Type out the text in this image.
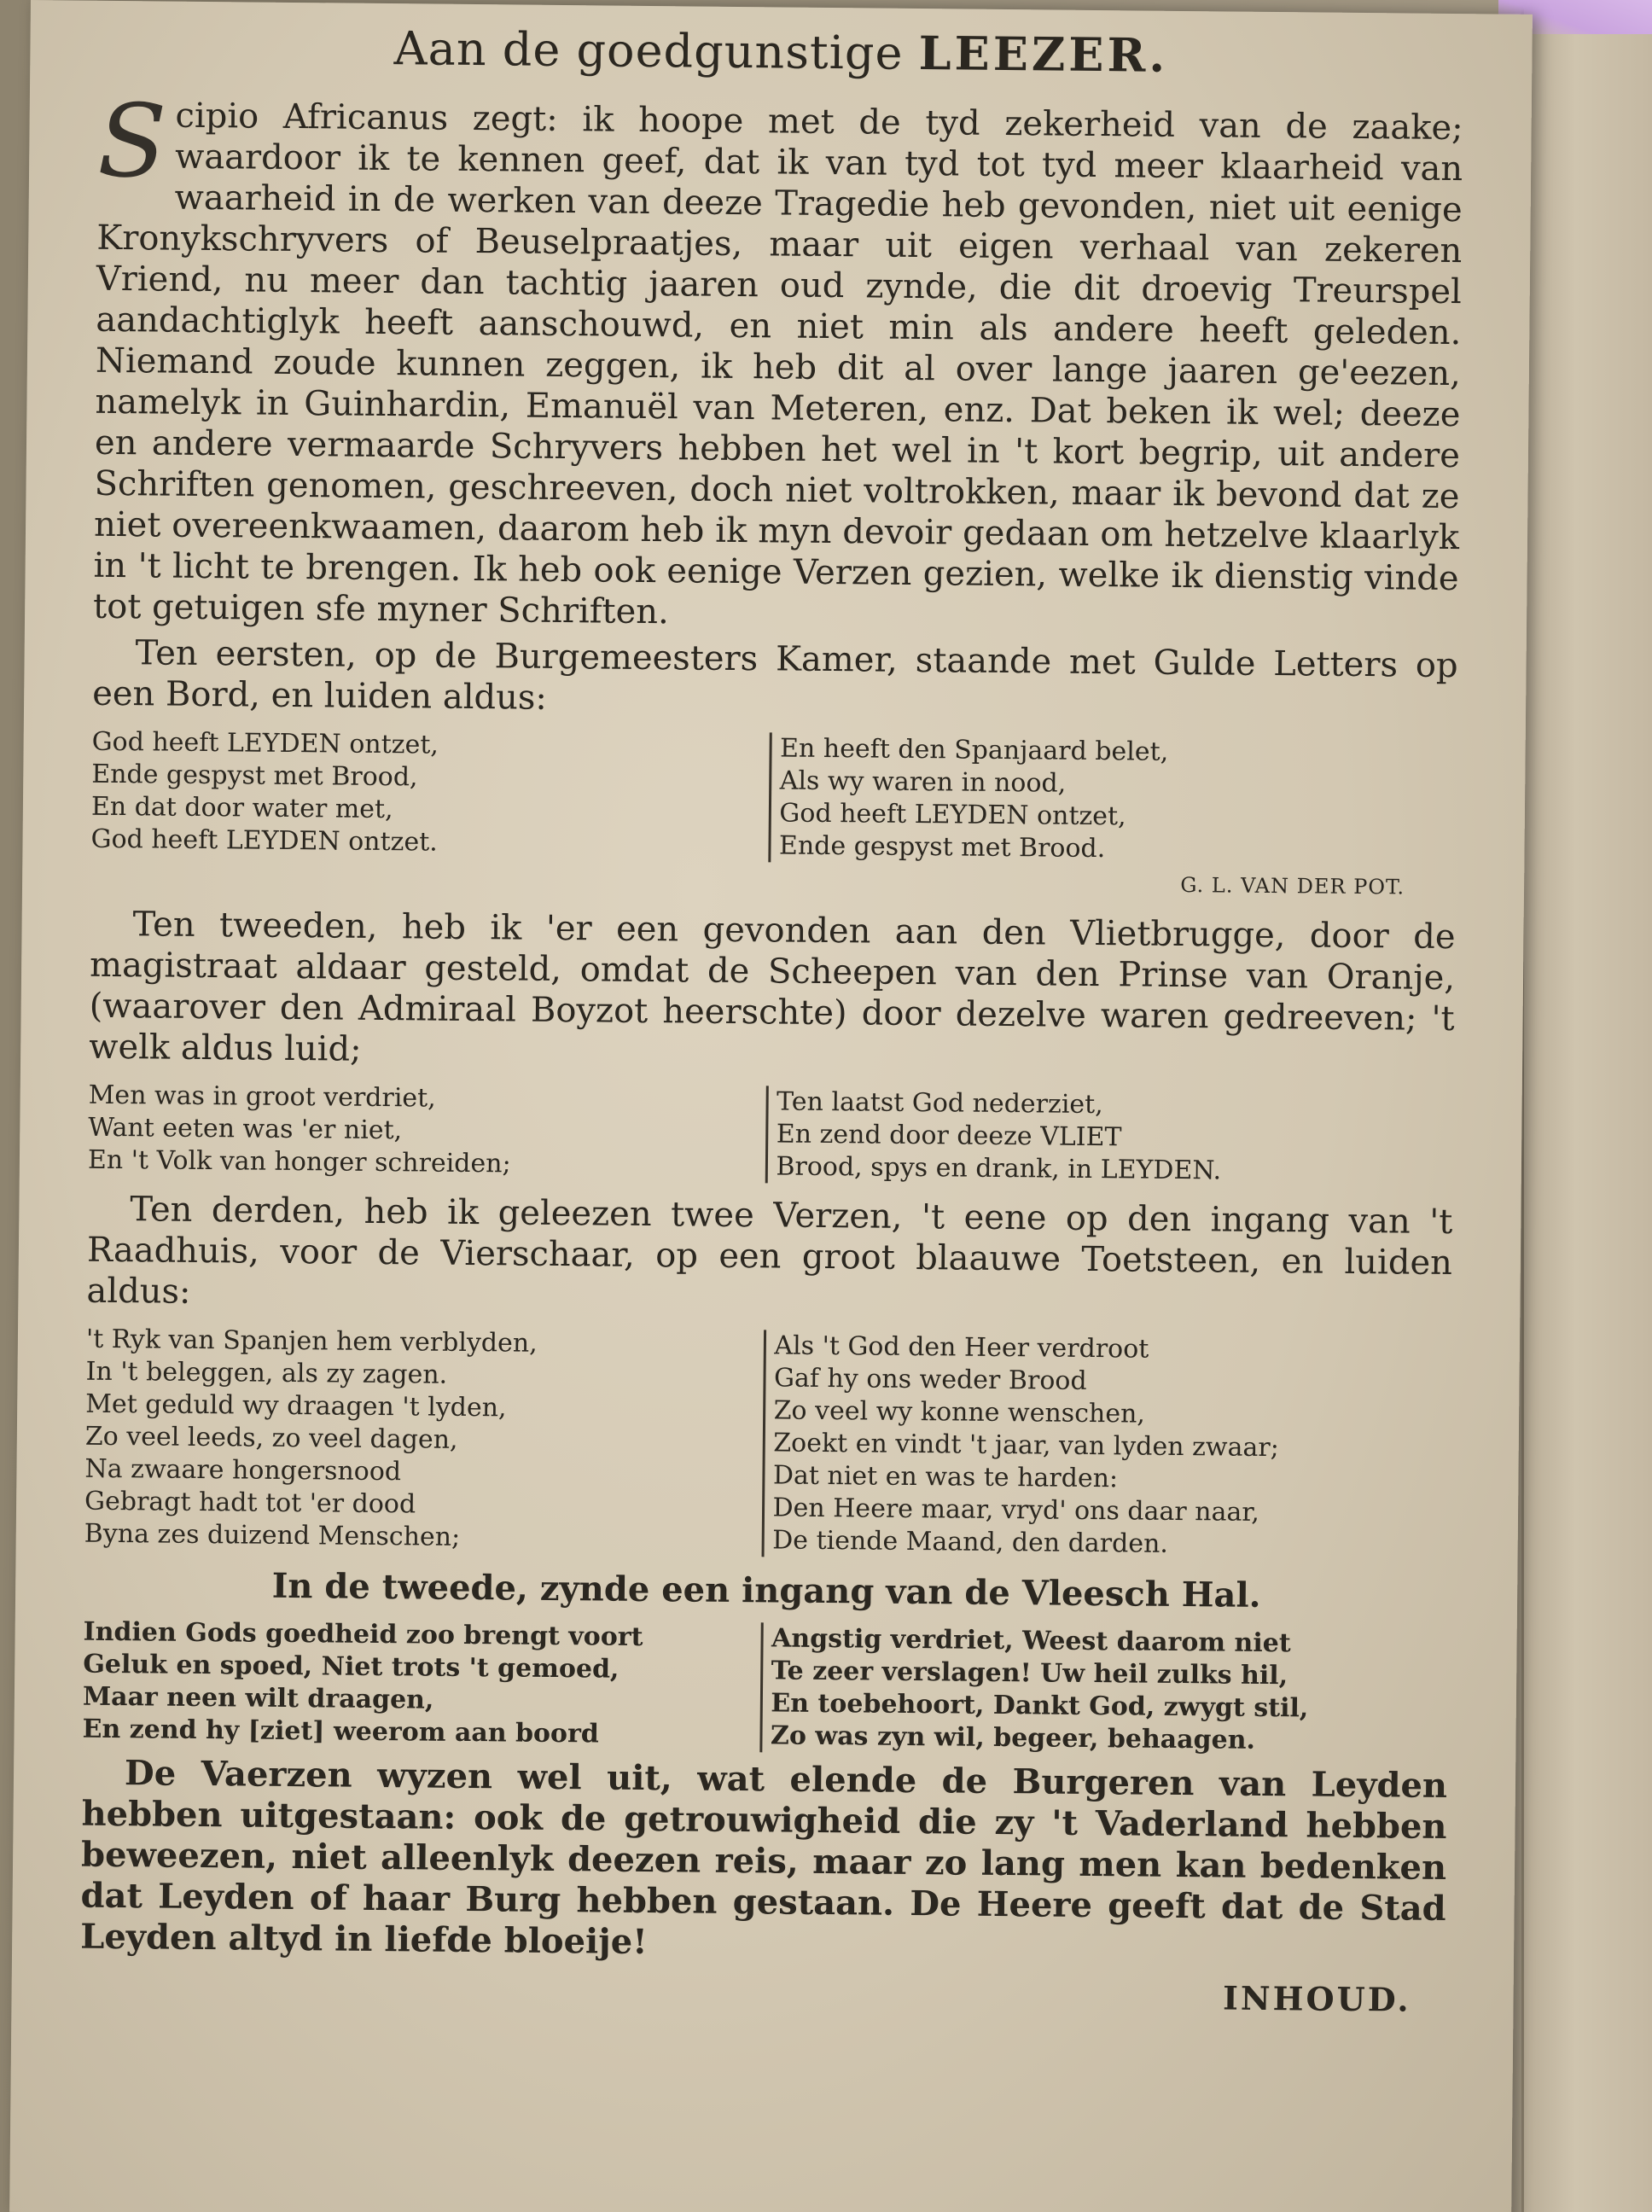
Aan de goedgunstige LEEZER.

Scipio Africanus zegt: ik hoope met de tyd zekerheid van de zaake; waardoor ik te kennen geef, dat ik van tyd tot tyd meer klaarheid van waarheid in de werken van deeze Tragedie heb gevonden, niet uit eenige Kronykschryvers of Beuselpraatjes, maar uit eigen verhaal van zekeren Vriend, nu meer dan tachtig jaaren oud zynde, die dit droevig Treurspel aandachtiglyk heeft aanschouwd, en niet min als andere heeft geleden. Niemand zoude kunnen zeggen, ik heb dit al over lange jaaren ge'eezen, namelyk in Guinhardin, Emanuël van Meteren, enz. Dat beken ik wel; deeze en andere vermaarde Schryvers hebben het wel in 't kort begrip, uit andere Schriften genomen, geschreeven, doch niet voltrokken, maar ik bevond dat ze niet overeenkwaamen, daarom heb ik myn devoir gedaan om hetzelve klaarlyk in 't licht te brengen. Ik heb ook eenige Verzen gezien, welke ik dienstig vinde tot getuigen sfe myner Schriften.

Ten eersten, op de Burgemeesters Kamer, staande met Gulde Letters op een Bord, en luiden aldus:

God heeft LEYDEN ontzet,
Ende gespyst met Brood,
En dat door water met,
God heeft LEYDEN ontzet.
En heeft den Spanjaard belet,
Als wy waren in nood,
God heeft LEYDEN ontzet,
Ende gespyst met Brood.
G. L. VAN DER POT.

Ten tweeden, heb ik 'er een gevonden aan den Vlietbrugge, door de magistraat aldaar gesteld, omdat de Scheepen van den Prinse van Oranje, (waarover den Admiraal Boyzot heerschte) door dezelve waren gedreeven; 't welk aldus luid;

Men was in groot verdriet,
Want eeten was 'er niet,
En 't Volk van honger schreiden;
Ten laatst God nederziet,
En zend door deeze VLIET
Brood, spys en drank, in LEYDEN.

Ten derden, heb ik geleezen twee Verzen, 't eene op den ingang van 't Raadhuis, voor de Vierschaar, op een groot blaauwe Toetsteen, en luiden aldus:

't Ryk van Spanjen hem verblyden,
In 't beleggen, als zy zagen.
Met geduld wy draagen 't lyden,
Zo veel leeds, zo veel dagen,
Na zwaare hongersnood
Gebragt hadt tot 'er dood
Byna zes duizend Menschen;
Als 't God den Heer verdroot
Gaf hy ons weder Brood
Zo veel wy konne wenschen,
Zoekt en vindt 't jaar, van lyden zwaar;
Dat niet en was te harden:
Den Heere maar, vryd' ons daar naar,
De tiende Maand, den darden.
In de tweede, zynde een ingang van de Vleesch Hal.
Indien Gods goedheid zoo brengt voort
Geluk en spoed, Niet trots 't gemoed,
Maar neen wilt draagen,
En zend hy [ziet] weerom aan boord
Angstig verdriet, Weest daarom niet
Te zeer verslagen! Uw heil zulks hil,
En toebehoort, Dankt God, zwygt stil,
Zo was zyn wil, begeer, behaagen.

De Vaerzen wyzen wel uit, wat elende de Burgeren van Leyden hebben uitgestaan: ook de getrouwigheid die zy 't Vaderland hebben beweezen, niet alleenlyk deezen reis, maar zo lang men kan bedenken dat Leyden of haar Burg hebben gestaan. De Heere geeft dat de Stad Leyden altyd in liefde bloeije!

INHOUD.
